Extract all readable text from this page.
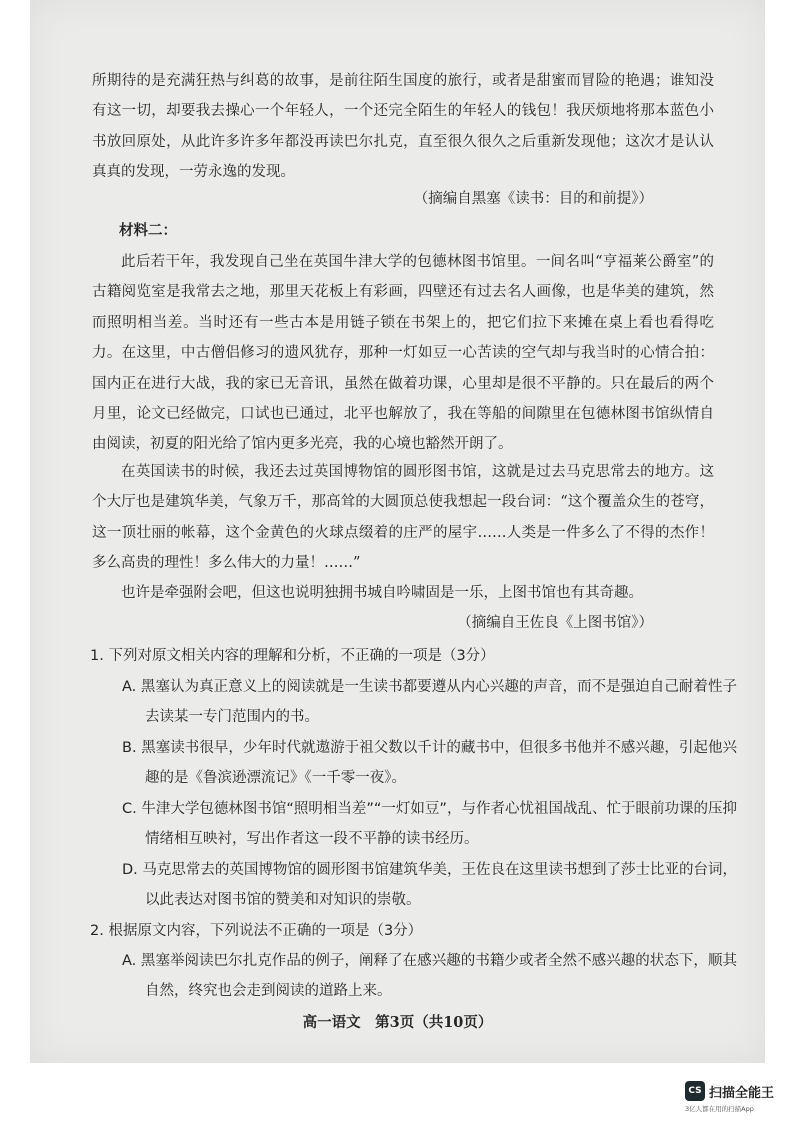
所期待的是充满狂热与纠葛的故事，是前往陌生国度的旅行，或者是甜蜜而冒险的艳遇；谁知没有这一切，却要我去操心一个年轻人，一个还完全陌生的年轻人的钱包！我厌烦地将那本蓝色小书放回原处，从此许多许多年都没再读巴尔扎克，直至很久很久之后重新发现他；这次才是认认真真的发现，一劳永逸的发现。

（摘编自黑塞《读书：目的和前提》）

材料二：

此后若干年，我发现自己坐在英国牛津大学的包德林图书馆里。一间名叫“亨福莱公爵室”的古籍阅览室是我常去之地，那里天花板上有彩画，四壁还有过去名人画像，也是华美的建筑，然而照明相当差。当时还有一些古本是用链子锁在书架上的，把它们拉下来摊在桌上看也看得吃力。在这里，中古僧侣修习的遗风犹存，那种一灯如豆一心苦读的空气却与我当时的心情合拍：国内正在进行大战，我的家已无音讯，虽然在做着功课，心里却是很不平静的。只在最后的两个月里，论文已经做完，口试也已通过，北平也解放了，我在等船的间隙里在包德林图书馆纵情自由阅读，初夏的阳光给了馆内更多光亮，我的心境也豁然开朗了。

在英国读书的时候，我还去过英国博物馆的圆形图书馆，这就是过去马克思常去的地方。这个大厅也是建筑华美，气象万千，那高耸的大圆顶总使我想起一段台词：“这个覆盖众生的苍穹，这一顶壮丽的帐幕，这个金黄色的火球点缀着的庄严的屋宇……人类是一件多么了不得的杰作！多么高贵的理性！多么伟大的力量！……”

也许是牵强附会吧，但这也说明独拥书城自吟啸固是一乐，上图书馆也有其奇趣。

（摘编自王佐良《上图书馆》）

1. 下列对原文相关内容的理解和分析，不正确的一项是（3分）

A. 黑塞认为真正意义上的阅读就是一生读书都要遵从内心兴趣的声音，而不是强迫自己耐着性子去读某一专门范围内的书。

B. 黑塞读书很早，少年时代就遨游于祖父数以千计的藏书中，但很多书他并不感兴趣，引起他兴趣的是《鲁滨逊漂流记》《一千零一夜》。

C. 牛津大学包德林图书馆“照明相当差”“一灯如豆”，与作者心忧祖国战乱、忙于眼前功课的压抑情绪相互映衬，写出作者这一段不平静的读书经历。

D. 马克思常去的英国博物馆的圆形图书馆建筑华美，王佐良在这里读书想到了莎士比亚的台词，以此表达对图书馆的赞美和对知识的崇敬。

2. 根据原文内容，下列说法不正确的一项是（3分）

A. 黑塞举阅读巴尔扎克作品的例子，阐释了在感兴趣的书籍少或者全然不感兴趣的状态下，顺其自然，终究也会走到阅读的道路上来。

高一语文　第3页（共10页）

CS 扫描全能王
3亿人都在用的扫描App
